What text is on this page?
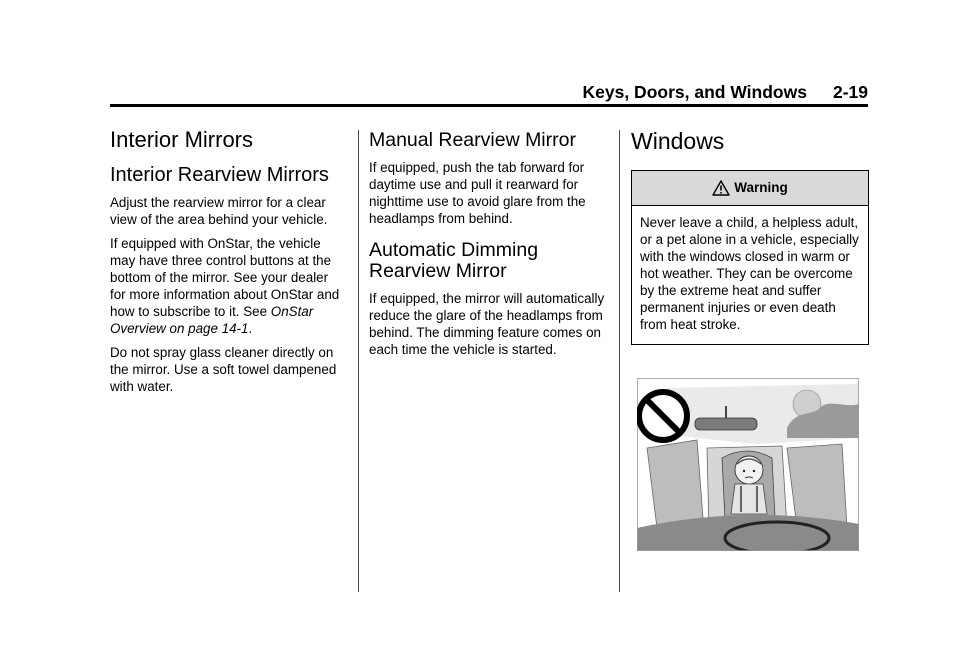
Keys, Doors, and Windows 2-19
Interior Mirrors
Interior Rearview Mirrors

Adjust the rearview mirror for a clear view of the area behind your vehicle.

If equipped with OnStar, the vehicle may have three control buttons at the bottom of the mirror. See your dealer for more information about OnStar and how to subscribe to it. See OnStar Overview on page 14-1.

Do not spray glass cleaner directly on the mirror. Use a soft towel dampened with water.

Manual Rearview Mirror

If equipped, push the tab forward for daytime use and pull it rearward for nighttime use to avoid glare from the headlamps from behind.

Automatic Dimming Rearview Mirror

If equipped, the mirror will automatically reduce the glare of the headlamps from behind. The dimming feature comes on each time the vehicle is started.

Windows
Warning

Never leave a child, a helpless adult, or a pet alone in a vehicle, especially with the windows closed in warm or hot weather. They can be overcome by the extreme heat and suffer permanent injuries or even death from heat stroke.
